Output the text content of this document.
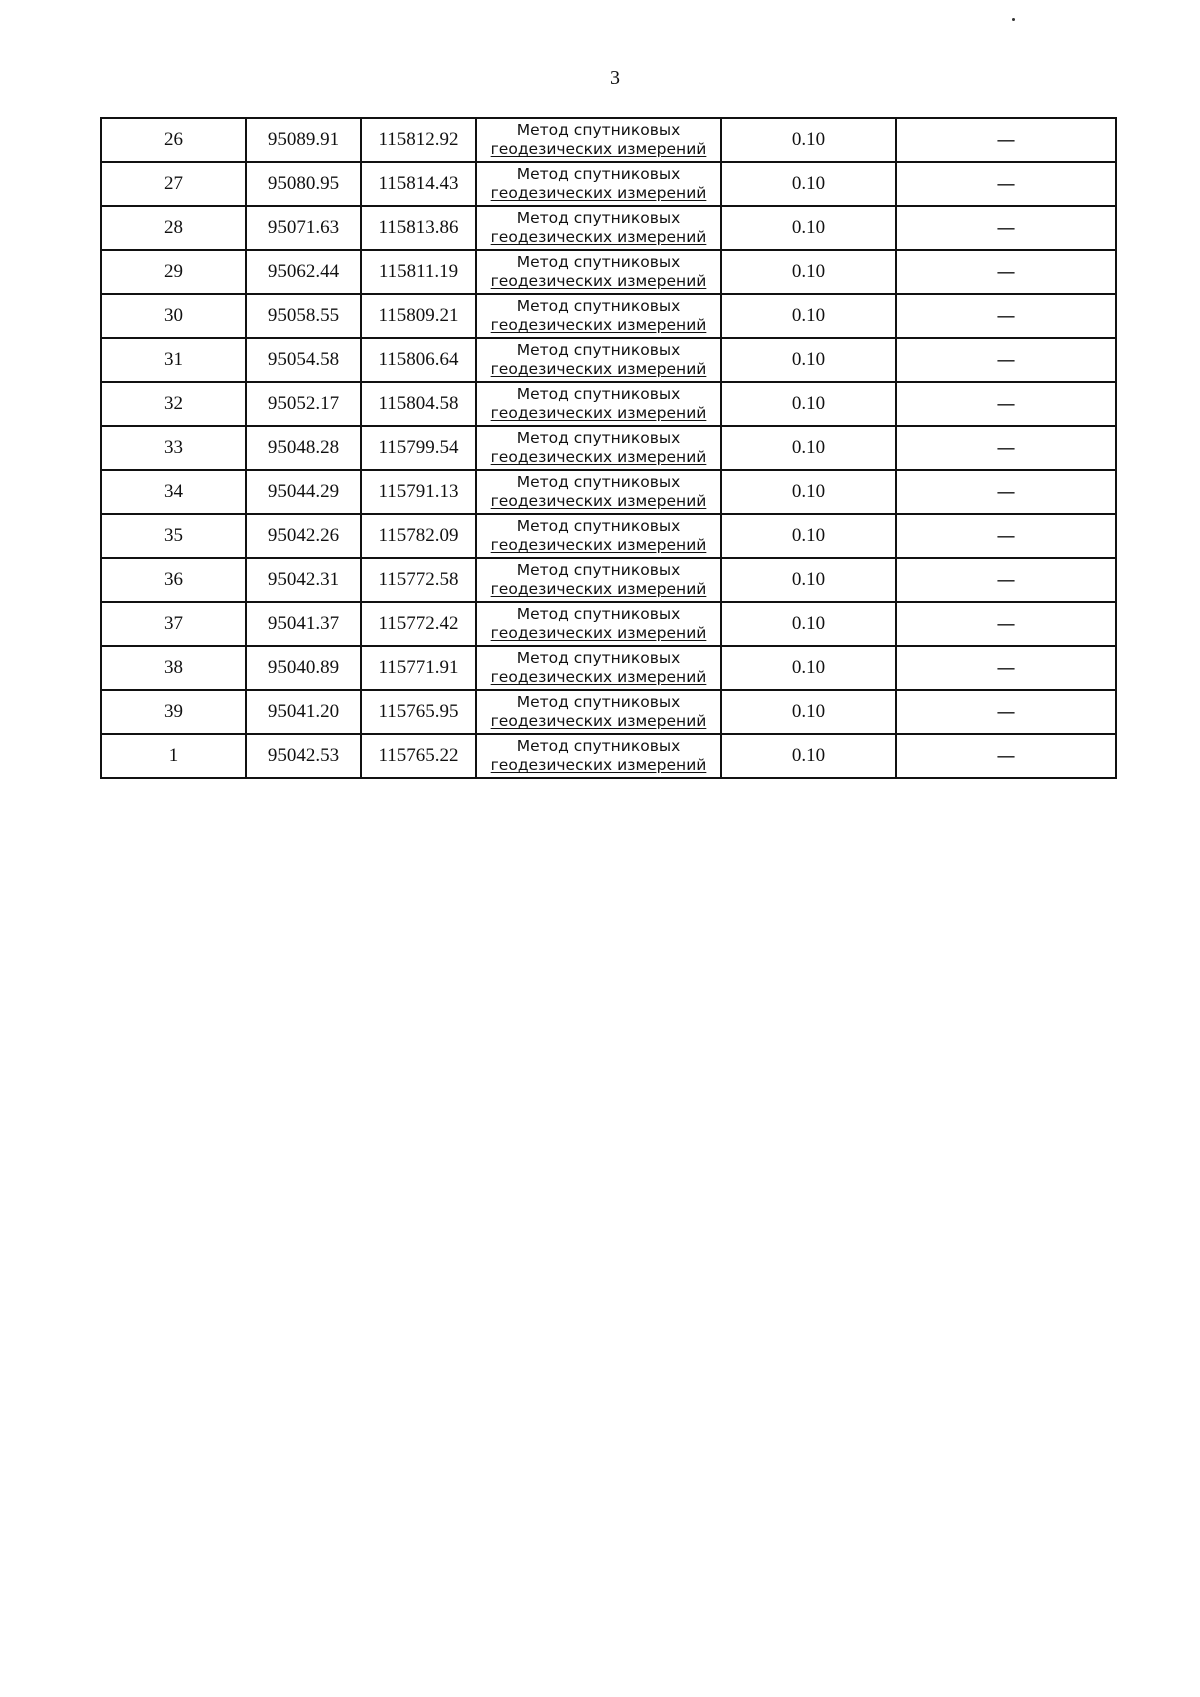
3
26	95089.91	115812.92	Метод спутниковых
геодезических измерений	0.10	—
27	95080.95	115814.43	Метод спутниковых
геодезических измерений	0.10	—
28	95071.63	115813.86	Метод спутниковых
геодезических измерений	0.10	—
29	95062.44	115811.19	Метод спутниковых
геодезических измерений	0.10	—
30	95058.55	115809.21	Метод спутниковых
геодезических измерений	0.10	—
31	95054.58	115806.64	Метод спутниковых
геодезических измерений	0.10	—
32	95052.17	115804.58	Метод спутниковых
геодезических измерений	0.10	—
33	95048.28	115799.54	Метод спутниковых
геодезических измерений	0.10	—
34	95044.29	115791.13	Метод спутниковых
геодезических измерений	0.10	—
35	95042.26	115782.09	Метод спутниковых
геодезических измерений	0.10	—
36	95042.31	115772.58	Метод спутниковых
геодезических измерений	0.10	—
37	95041.37	115772.42	Метод спутниковых
геодезических измерений	0.10	—
38	95040.89	115771.91	Метод спутниковых
геодезических измерений	0.10	—
39	95041.20	115765.95	Метод спутниковых
геодезических измерений	0.10	—
1	95042.53	115765.22	Метод спутниковых
геодезических измерений	0.10	—
